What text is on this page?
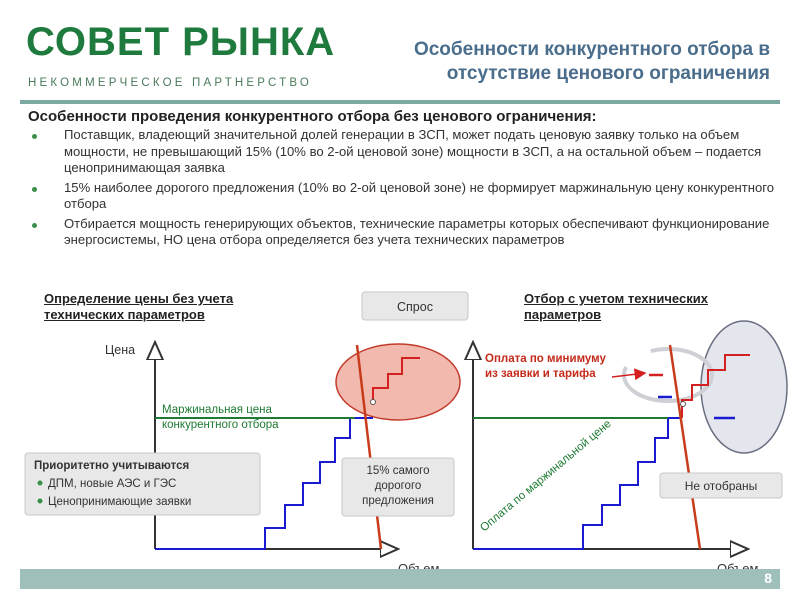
СОВЕТ РЫНКА
НЕКОММЕРЧЕСКОЕ ПАРТНЕРСТВО
Особенности конкурентного отбора в
отсутствие ценового ограничения
Особенности проведения конкурентного отбора без ценового ограничения:
Поставщик, владеющий значительной долей генерации в ЗСП, может подать ценовую заявку только на объем мощности, не превышающий 15% (10% во 2-ой ценовой зоне) мощности в ЗСП, а на остальной объем – подается ценопринимающая заявка
15% наиболее дорогого предложения (10% во 2-ой ценовой зоне) не формирует маржинальную цену конкурентного отбора
Отбирается мощность генерирующих объектов, технические параметры которых обеспечивают функционирование энергосистемы, НО цена отбора определяется без учета технических параметров
Определение цены без учета
технических параметров
Отбор с учетом технических
параметров
Цена
Маржинальная цена
конкурентного отбора
Спрос
Оплата по минимуму
из заявки и тарифа
Оплата по маржинальной цене	Не отобраны
15% самого
дорогого
предложения
Приоритетно учитываются
ДПМ, новые АЭС и ГЭС
Ценопринимающие заявки
8
